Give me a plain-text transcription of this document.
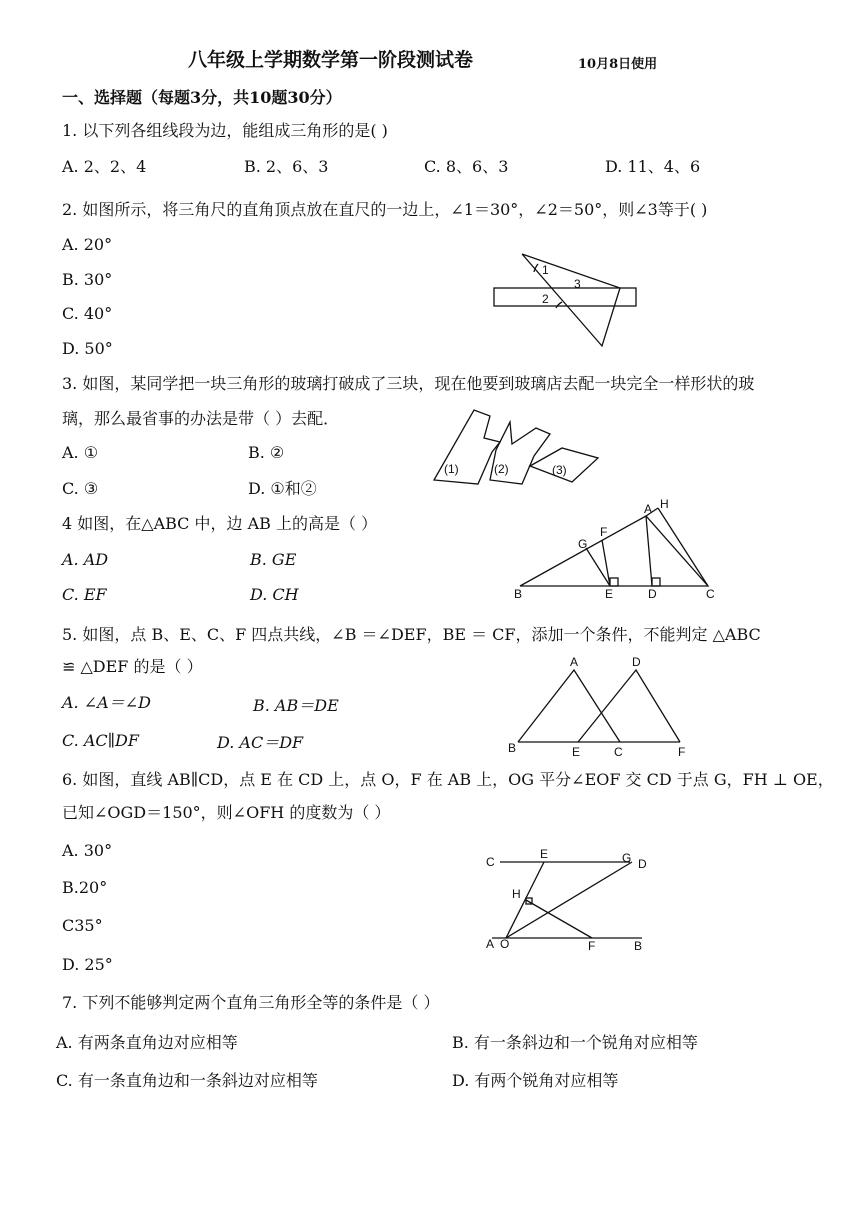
八年级上学期数学第一阶段测试卷	10月8日使用
一、选择题（每题3分，共10题30分）
1. 以下列各组线段为边，能组成三角形的是( )
A. 2、2、4	B. 2、6、3	C. 8、6、3	D. 11、4、6
2. 如图所示，将三角尺的直角顶点放在直尺的一边上，∠1＝30°，∠2＝50°，则∠3等于( )
A. 20°
B. 30°
C. 40°
D. 50°
1
2
3
3. 如图，某同学把一块三角形的玻璃打破成了三块，现在他要到玻璃店去配一块完全一样形状的玻
璃，那么最省事的办法是带（ ）去配．
A. ①	B. ②
C. ③	D. ①和②
(1)	(2)	(3)
4 如图，在△ABC 中，边 AB 上的高是（ ）
A. AD	B. GE
C. EF	D. CH
A
B	C
D
E
F
G
H
5. 如图，点 B、E、C、F 四点共线，∠B ＝∠DEF，BE ＝ CF，添加一个条件，不能判定 △ABC
≌ △DEF 的是（ ）
A. ∠A＝∠D	B. AB＝DE
C. AC∥DF	D. AC＝DF
A
B	C
D
E	F
6. 如图，直线 AB∥CD，点 E 在 CD 上，点 O，F 在 AB 上，OG 平分∠EOF 交 CD 于点 G，FH ⊥ OE，
已知∠OGD＝150°，则∠OFH 的度数为（ ）
A. 30°
B.20°
C35°
D. 25°
C	D
E	G
H
A O	F	B
7. 下列不能够判定两个直角三角形全等的条件是（ ）
A. 有两条直角边对应相等	B. 有一条斜边和一个锐角对应相等
C. 有一条直角边和一条斜边对应相等	D. 有两个锐角对应相等
